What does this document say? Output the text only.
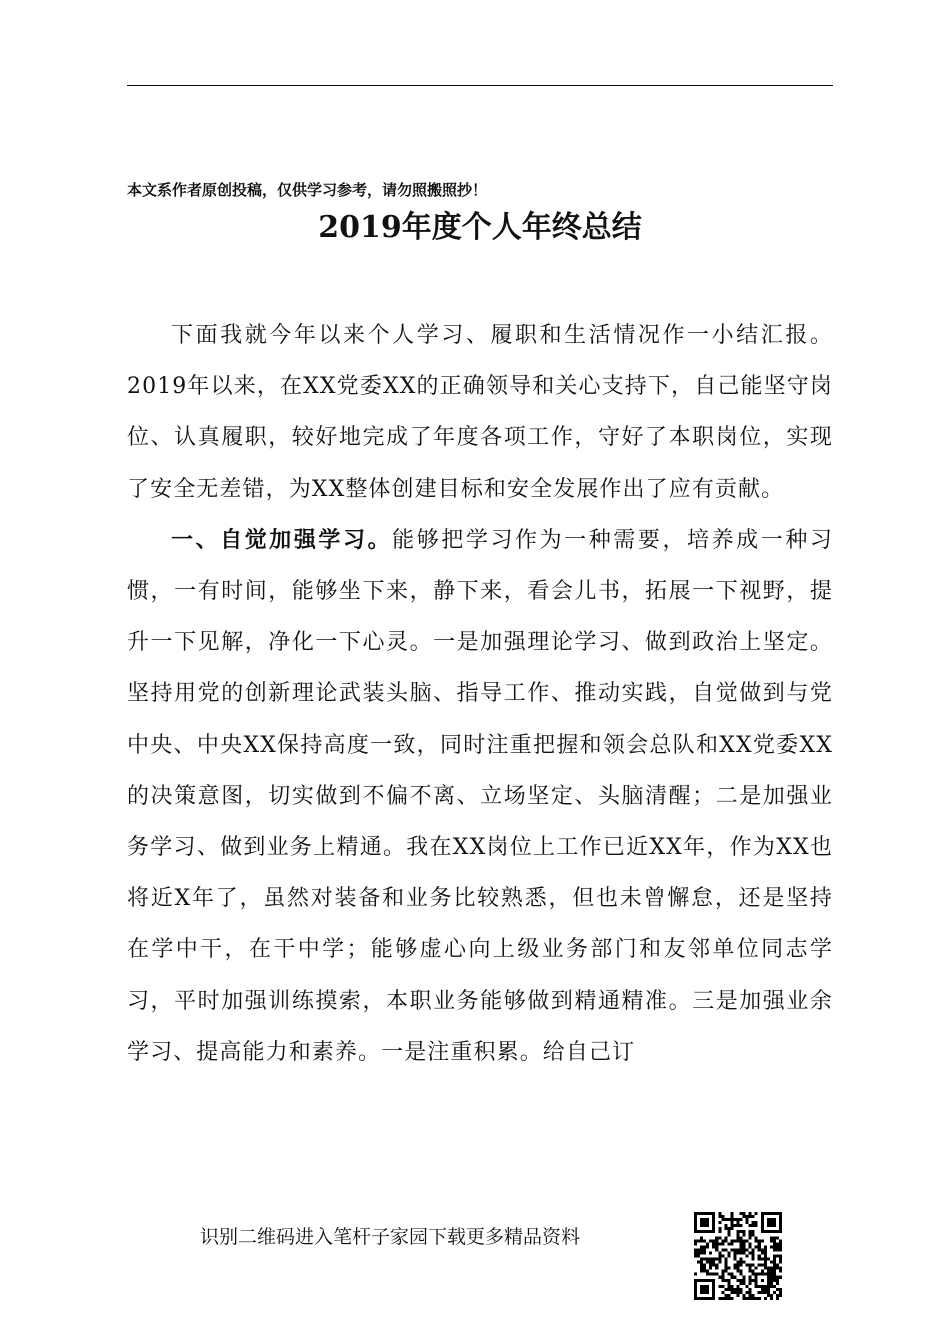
本文系作者原创投稿，仅供学习参考，请勿照搬照抄！
2019年度个人年终总结

下面我就今年以来个人学习、履职和生活情况作一小结汇报。2019年以来，在XX党委XX的正确领导和关心支持下，自己能坚守岗位、认真履职，较好地完成了年度各项工作，守好了本职岗位，实现了安全无差错，为XX整体创建目标和安全发展作出了应有贡献。

一、自觉加强学习。能够把学习作为一种需要，培养成一种习惯，一有时间，能够坐下来，静下来，看会儿书，拓展一下视野，提升一下见解，净化一下心灵。一是加强理论学习、做到政治上坚定。坚持用党的创新理论武装头脑、指导工作、推动实践，自觉做到与党中央、中央XX保持高度一致，同时注重把握和领会总队和XX党委XX的决策意图，切实做到不偏不离、立场坚定、头脑清醒；二是加强业务学习、做到业务上精通。我在XX岗位上工作已近XX年，作为XX也将近X年了，虽然对装备和业务比较熟悉，但也未曾懈怠，还是坚持在学中干，在干中学；能够虚心向上级业务部门和友邻单位同志学习，平时加强训练摸索，本职业务能够做到精通精准。三是加强业余学习、提高能力和素养。一是注重积累。给自己订

识别二维码进入笔杆子家园下载更多精品资料
